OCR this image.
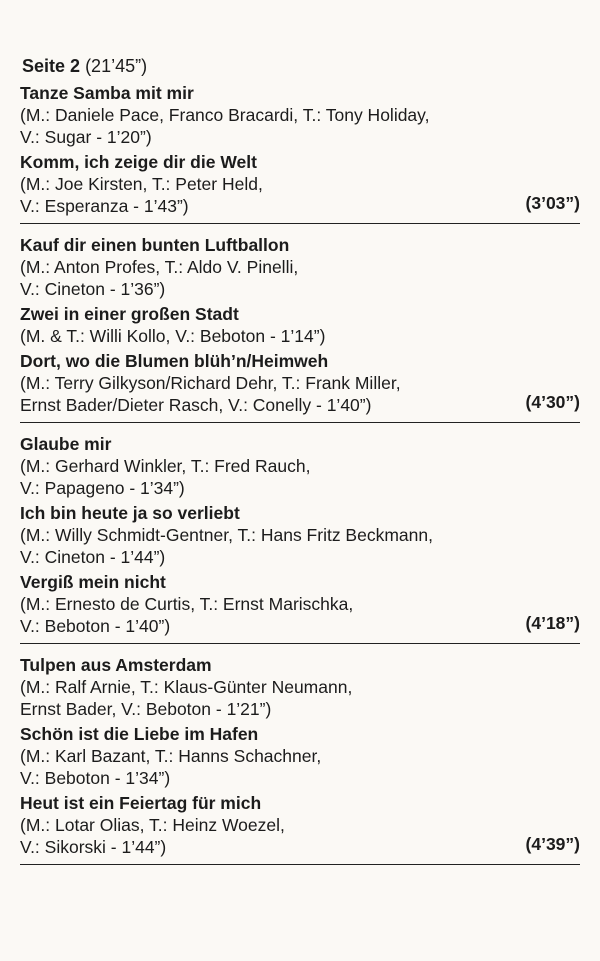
Seite 2 (21’45”)
Tanze Samba mit mir
(M.: Daniele Pace, Franco Bracardi, T.: Tony Holiday,
V.: Sugar - 1’20”)
Komm, ich zeige dir die Welt
(M.: Joe Kirsten, T.: Peter Held,
V.: Esperanza - 1’43”)	(3’03”)
Kauf dir einen bunten Luftballon
(M.: Anton Profes, T.: Aldo V. Pinelli,
V.: Cineton - 1’36”)
Zwei in einer großen Stadt
(M. & T.: Willi Kollo, V.: Beboton - 1’14”)
Dort, wo die Blumen blüh’n/Heimweh
(M.: Terry Gilkyson/Richard Dehr, T.: Frank Miller,
Ernst Bader/Dieter Rasch, V.: Conelly - 1’40”)	(4’30”)
Glaube mir
(M.: Gerhard Winkler, T.: Fred Rauch,
V.: Papageno - 1’34”)
Ich bin heute ja so verliebt
(M.: Willy Schmidt-Gentner, T.: Hans Fritz Beckmann,
V.: Cineton - 1’44”)
Vergiß mein nicht
(M.: Ernesto de Curtis, T.: Ernst Marischka,
V.: Beboton - 1’40”)	(4’18”)
Tulpen aus Amsterdam
(M.: Ralf Arnie, T.: Klaus-Günter Neumann,
Ernst Bader, V.: Beboton - 1’21”)
Schön ist die Liebe im Hafen
(M.: Karl Bazant, T.: Hanns Schachner,
V.: Beboton - 1’34”)
Heut ist ein Feiertag für mich
(M.: Lotar Olias, T.: Heinz Woezel,
V.: Sikorski - 1’44”)	(4’39”)
